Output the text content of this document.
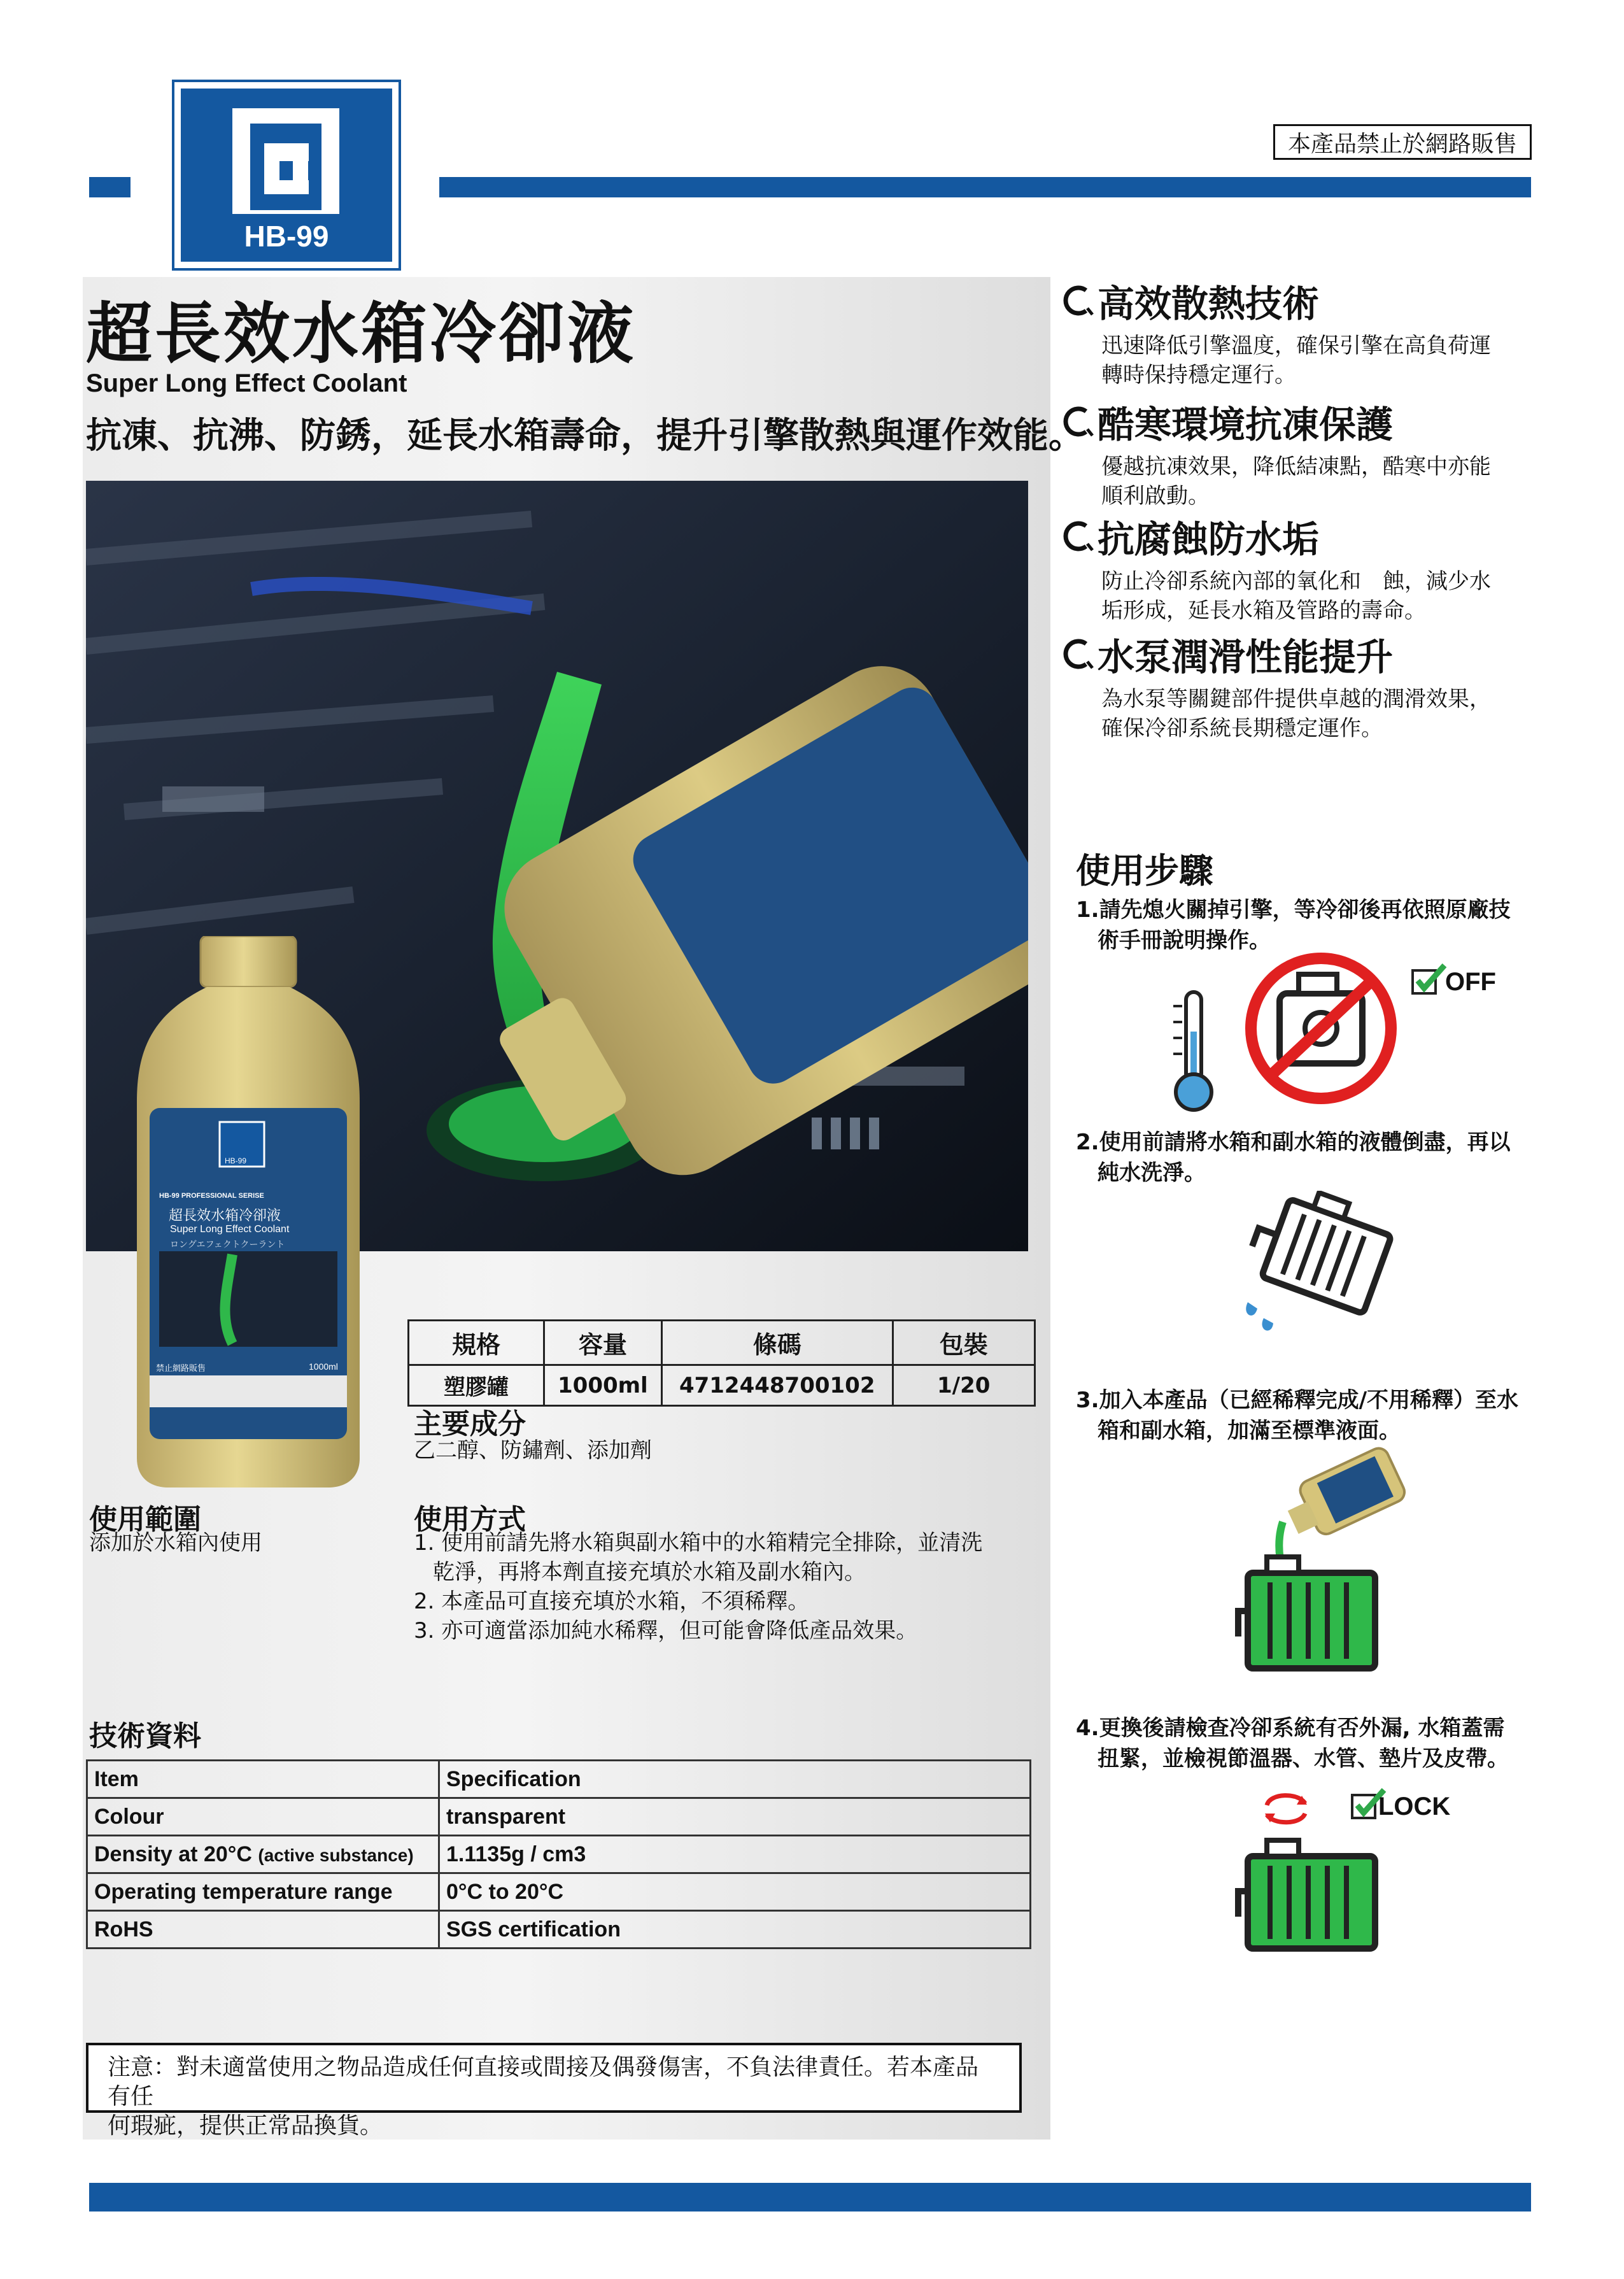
HB-99
本產品禁止於網路販售
超長效水箱冷卻液
Super Long Effect Coolant
抗凍、抗沸、防銹，延長水箱壽命，提升引擎散熱與運作效能。
HB-99
HB-99 PROFESSIONAL SERISE
超長效水箱冷卻液
Super Long Effect Coolant
ロングエフェクトクーラント
禁止網路販售	1000ml
規格	容量	條碼	包裝
塑膠罐	1000ml	4712448700102	1/20
主要成分
乙二醇、防鏽劑、添加劑
使用範圍
添加於水箱內使用
使用方式
1. 使用前請先將水箱與副水箱中的水箱精完全排除，並清洗
乾淨，再將本劑直接充填於水箱及副水箱內。
2. 本產品可直接充填於水箱，不須稀釋。
3. 亦可適當添加純水稀釋，但可能會降低產品效果。
技術資料
Item	Specification
Colour	transparent
Density at 20°C (active substance)	1.1135g / cm3
Operating temperature range	0°C to 20°C
RoHS	SGS certification
注意：對未適當使用之物品造成任何直接或間接及偶發傷害，不負法律責任。若本產品有任
何瑕疵，提供正常品換貨。
高效散熱技術
迅速降低引擎溫度，確保引擎在高負荷運
轉時保持穩定運行。
酷寒環境抗凍保護
優越抗凍效果，降低結凍點，酷寒中亦能
順利啟動。
抗腐蝕防水垢
防止冷卻系統內部的氧化和　蝕，減少水
垢形成，延長水箱及管路的壽命。
水泵潤滑性能提升
為水泵等關鍵部件提供卓越的潤滑效果，
確保冷卻系統長期穩定運作。
使用步驟
1.請先熄火關掉引擎，等冷卻後再依照原廠技
　術手冊說明操作。
OFF
2.使用前請將水箱和副水箱的液體倒盡，再以
　純水洗淨。
3.加入本產品（已經稀釋完成/不用稀釋）至水
　箱和副水箱，加滿至標準液面。
4.更換後請檢查冷卻系統有否外漏, 水箱蓋需
　扭緊，並檢視節溫器、水管、墊片及皮帶。
LOCK
